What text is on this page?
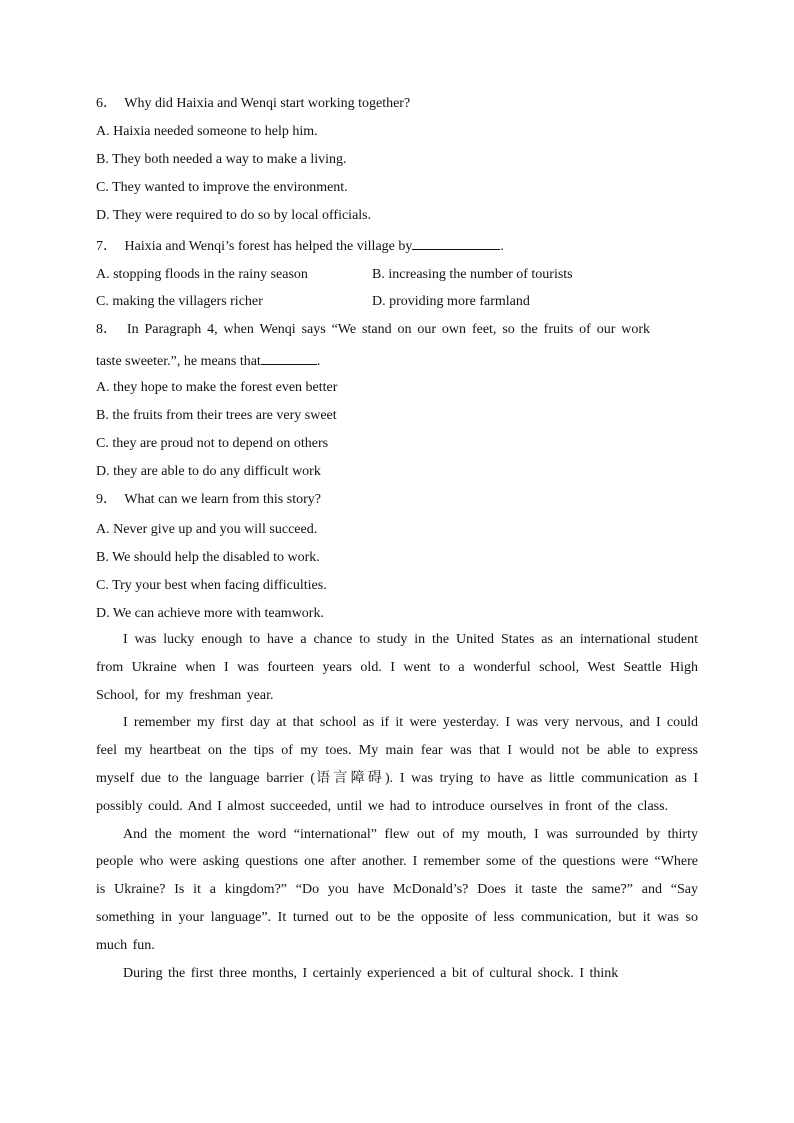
6． Why did Haixia and Wenqi start working together?

A. Haixia needed someone to help him.

B. They both needed a way to make a living.

C. They wanted to improve the environment.

D. They were required to do so by local officials.

7． Haixia and Wenqi’s forest has helped the village by	.

A. stopping floods in the rainy season	B. increasing the number of tourists
C. making the villagers richer	D. providing more farmland

8． In Paragraph 4, when Wenqi says “We stand on our own feet, so the fruits of our work

taste sweeter.”, he means that	.

A. they hope to make the forest even better

B. the fruits from their trees are very sweet

C. they are proud not to depend on others

D. they are able to do any difficult work

9． What can we learn from this story?

A. Never give up and you will succeed.

B. We should help the disabled to work.

C. Try your best when facing difficulties.

D. We can achieve more with teamwork.

I was lucky enough to have a chance to study in the United States as an international student from Ukraine when I was fourteen years old. I went to a wonderful school, West Seattle High School, for my freshman year.

I remember my first day at that school as if it were yesterday. I was very nervous, and I could feel my heartbeat on the tips of my toes. My main fear was that I would not be able to express myself due to the language barrier (语言障碍). I was trying to have as little communication as I possibly could. And I almost succeeded, until we had to introduce ourselves in front of the class.

And the moment the word “international” flew out of my mouth, I was surrounded by thirty people who were asking questions one after another. I remember some of the questions were “Where is Ukraine? Is it a kingdom?” “Do you have McDonald’s? Does it taste the same?” and “Say something in your language”. It turned out to be the opposite of less communication, but it was so much fun.

During the first three months, I certainly experienced a bit of cultural shock. I think
